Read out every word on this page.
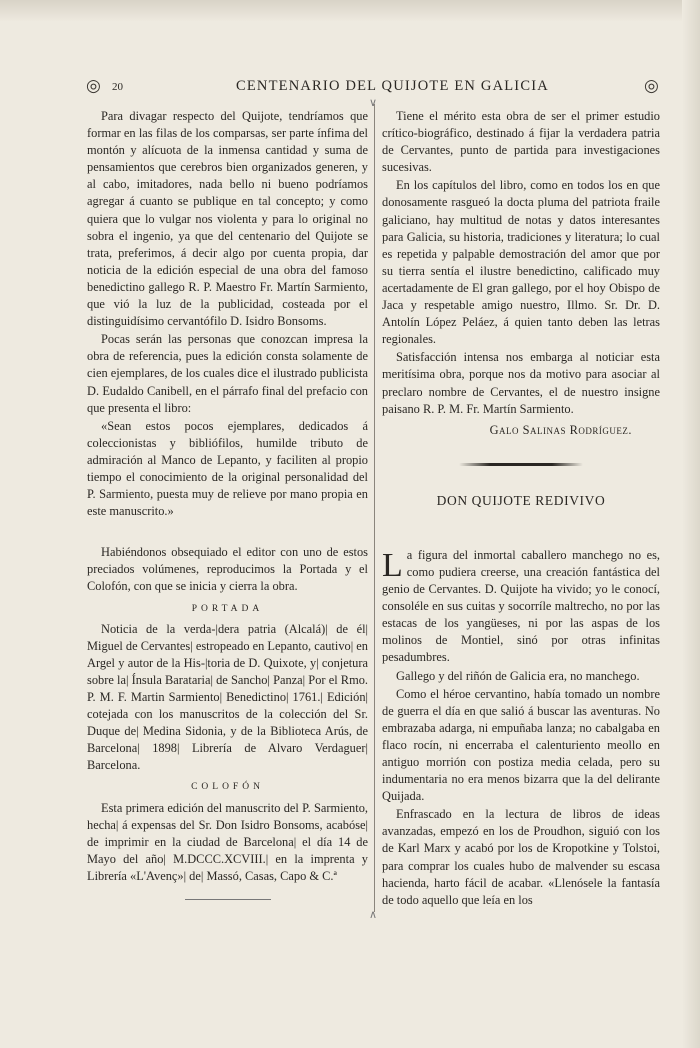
◎ 20	CENTENARIO DEL QUIJOTE EN GALICIA	◎
∨
∧

Para divagar respecto del Quijote, tendríamos que formar en las filas de los comparsas, ser parte ínfima del montón y alícuota de la inmensa cantidad y suma de pensamientos que cerebros bien organizados generen, y al cabo, imitadores, nada bello ni bueno podríamos agregar á cuanto se publique en tal concepto; y como quiera que lo vulgar nos violenta y para lo original no sobra el ingenio, ya que del centenario del Quijote se trata, preferimos, á decir algo por cuenta propia, dar noticia de la edición especial de una obra del famoso benedictino gallego R. P. Maestro Fr. Martín Sarmiento, que vió la luz de la publicidad, costeada por el distinguidísimo cervantófilo D. Isidro Bonsoms.

Pocas serán las personas que conozcan impresa la obra de referencia, pues la edición consta solamente de cien ejemplares, de los cuales dice el ilustrado publicista D. Eudaldo Canibell, en el párrafo final del prefacio con que presenta el libro:

«Sean estos pocos ejemplares, dedicados á coleccionistas y bibliófilos, humilde tributo de admiración al Manco de Lepanto, y faciliten al propio tiempo el conocimiento de la original personalidad del P. Sarmiento, puesta muy de relieve por mano propia en este manuscrito.»

Habiéndonos obsequiado el editor con uno de estos preciados volúmenes, reproducimos la Portada y el Colofón, con que se inicia y cierra la obra.

PORTADA

Noticia de la verda-|dera patria (Alcalá)| de él| Miguel de Cervantes| estropeado en Lepanto, cautivo| en Argel y autor de la His-|toria de D. Quixote, y| conjetura sobre la| Ínsula Barataria| de Sancho| Panza| Por el Rmo. P. M. F. Martin Sarmiento| Benedictino| 1761.| Edición| cotejada con los manuscritos de la colección del Sr. Duque de| Medina Sidonia, y de la Biblioteca Arús, de Barcelona| 1898| Librería de Alvaro Verdaguer| Barcelona.

COLOFÓN

Esta primera edición del manuscrito del P. Sarmiento, hecha| á expensas del Sr. Don Isidro Bonsoms, acabóse| de imprimir en la ciudad de Barcelona| el día 14 de Mayo del año| M.DCCC.XCVIII.| en la imprenta y Librería «L'Avenç»| de| Massó, Casas, Capo & C.ª

Tiene el mérito esta obra de ser el primer estudio crítico-biográfico, destinado á fijar la verdadera patria de Cervantes, punto de partida para investigaciones sucesivas.

En los capítulos del libro, como en todos los en que donosamente rasgueó la docta pluma del patriota fraile galiciano, hay multitud de notas y datos interesantes para Galicia, su historia, tradiciones y literatura; lo cual es repetida y palpable demostración del amor que por su tierra sentía el ilustre benedictino, calificado muy acertadamente de El gran gallego, por el hoy Obispo de Jaca y respetable amigo nuestro, Illmo. Sr. Dr. D. Antolín López Peláez, á quien tanto deben las letras regionales.

Satisfacción intensa nos embarga al noticiar esta meritísima obra, porque nos da motivo para asociar al preclaro nombre de Cervantes, el de nuestro insigne paisano R. P. M. Fr. Martín Sarmiento.

Galo Salinas Rodríguez.
DON QUIJOTE REDIVIVO

La figura del inmortal caballero manchego no es, como pudiera creerse, una creación fantástica del genio de Cervantes. D. Quijote ha vivido; yo le conocí, consoléle en sus cuitas y socorríle maltrecho, no por las estacas de los yangüeses, ni por las aspas de los molinos de Montiel, sinó por otras infinitas pesadumbres.

Gallego y del riñón de Galicia era, no manchego.

Como el héroe cervantino, había tomado un nombre de guerra el día en que salió á buscar las aventuras. No embrazaba adarga, ni empuñaba lanza; no cabalgaba en flaco rocín, ni encerraba el calenturiento meollo en antiguo morrión con postiza media celada, pero su indumentaria no era menos bizarra que la del delirante Quijada.

Enfrascado en la lectura de libros de ideas avanzadas, empezó en los de Proudhon, siguió con los de Karl Marx y acabó por los de Kropotkine y Tolstoi, para comprar los cuales hubo de malvender su escasa hacienda, harto fácil de acabar. «Llenósele la fantasía de todo aquello que leía en los
